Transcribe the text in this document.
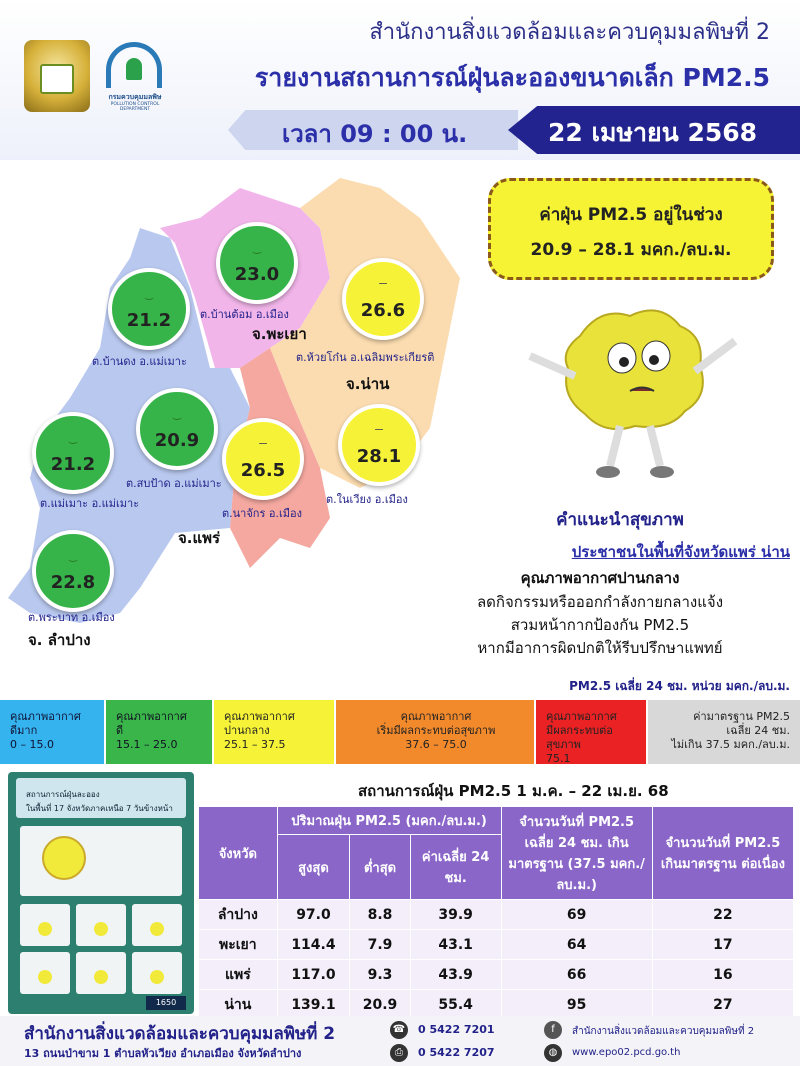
กรมควบคุมมลพิษ
POLLUTION CONTROL DEPARTMENT
สำนักงานสิ่งแวดล้อมและควบคุมมลพิษที่ 2
รายงานสถานการณ์ฝุ่นละอองขนาดเล็ก PM2.5
เวลา 09 : 00 น.	22 เมษายน 2568
‿
23.0
‿
21.2
—
26.6
‿
21.2
‿
20.9	—
26.5
—
28.1
‿
22.8
ต.บ้านต้อม อ.เมือง
ต.บ้านดง อ.แม่เมาะ	ต.ห้วยโก๋น อ.เฉลิมพระเกียรติ
ต.แม่เมาะ อ.แม่เมาะ
ต.สบป้าด อ.แม่เมาะ
ต.นาจักร อ.เมือง
ต.ในเวียง อ.เมือง
ต.พระบาท อ.เมือง
จ.พะเยา
จ.น่าน
จ.แพร่
จ. ลำปาง
ค่าฝุ่น PM2.5 อยู่ในช่วง
20.9 – 28.1 มคก./ลบ.ม.
คำแนะนำสุขภาพ
ประชาชนในพื้นที่จังหวัดแพร่ น่าน
คุณภาพอากาศปานกลาง
ลดกิจกรรมหรือออกกำลังกายกลางแจ้ง
สวมหน้ากากป้องกัน PM2.5
หากมีอาการผิดปกติให้รีบปรึกษาแพทย์
PM2.5 เฉลี่ย 24 ชม. หน่วย มคก./ลบ.ม.
คุณภาพอากาศ
ดีมาก
0 – 15.0
คุณภาพอากาศ
ดี
15.1 – 25.0
คุณภาพอากาศ
ปานกลาง
25.1 – 37.5
คุณภาพอากาศ
เริ่มมีผลกระทบต่อสุขภาพ
37.6 – 75.0
คุณภาพอากาศ
มีผลกระทบต่อสุขภาพ
75.1
ค่ามาตรฐาน PM2.5
เฉลี่ย 24 ชม.
ไม่เกิน 37.5 มคก./ลบ.ม.
สถานการณ์ฝุ่นละออง
ในพื้นที่ 17 จังหวัดภาคเหนือ 7 วันข้างหน้า
1650
สถานการณ์ฝุ่น PM2.5 1 ม.ค. – 22 เม.ย. 68
จังหวัด	ปริมาณฝุ่น PM2.5 (มคก./ลบ.ม.)			จำนวนวันที่ PM2.5 เฉลี่ย 24 ชม. เกินมาตรฐาน (37.5 มคก./ลบ.ม.)	จำนวนวันที่ PM2.5 เกินมาตรฐาน ต่อเนื่อง
	สูงสุด	ต่ำสุด	ค่าเฉลี่ย 24 ชม.		
ลำปาง	97.0	8.8	39.9	69	22
พะเยา	114.4	7.9	43.1	64	17
แพร่	117.0	9.3	43.9	66	16
น่าน	139.1	20.9	55.4	95	27
สำนักงานสิ่งแวดล้อมและควบคุมมลพิษที่ 2
13 ถนนป่าขาม 1 ตำบลหัวเวียง อำเภอเมือง จังหวัดลำปาง
☎ 0 5422 7201
⎙	0 5422 7207
f	สำนักงานสิ่งแวดล้อมและควบคุมมลพิษที่ 2
◍	www.epo02.pcd.go.th
